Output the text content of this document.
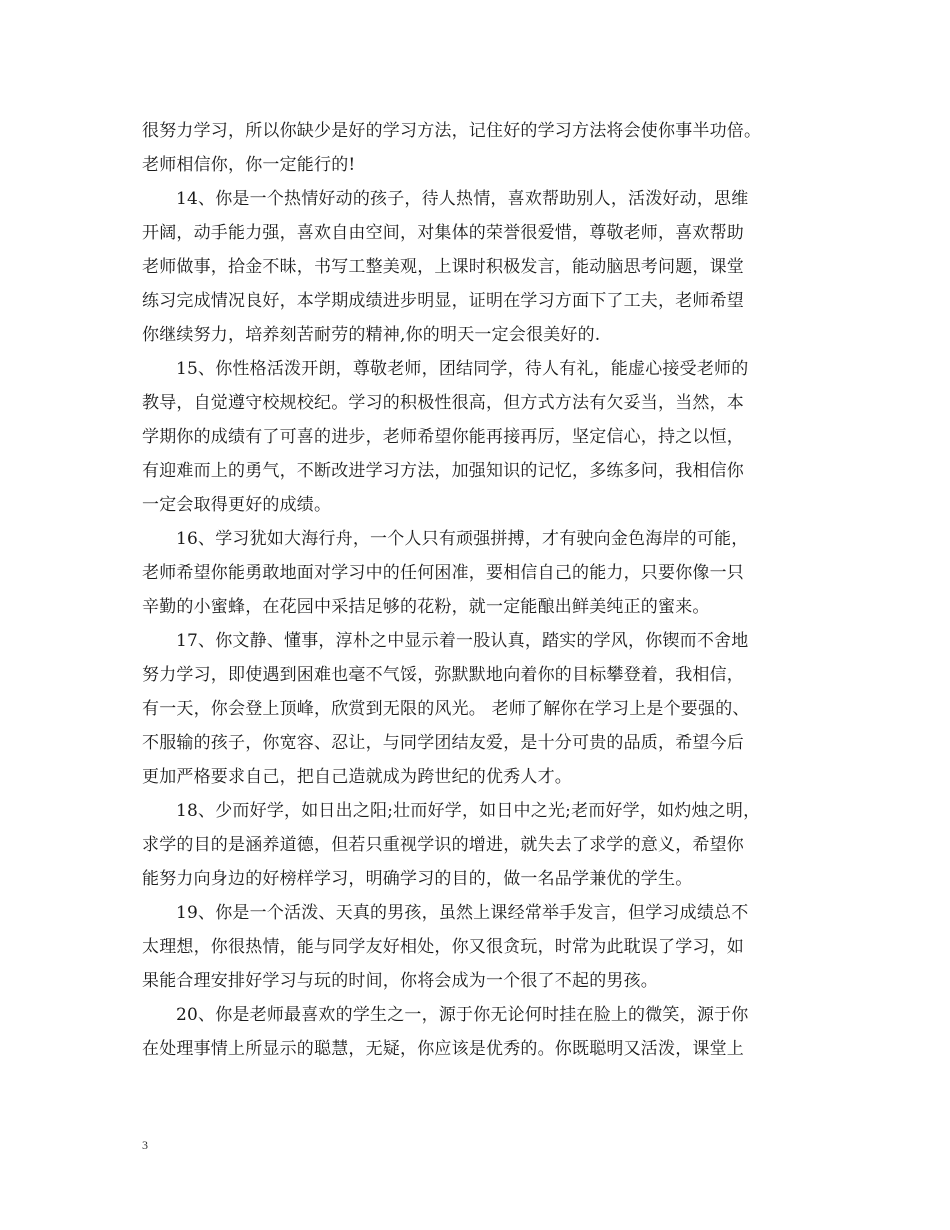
很努力学习，所以你缺少是好的学习方法，记住好的学习方法将会使你事半功倍。
老师相信你，你一定能行的!
14、你是一个热情好动的孩子，待人热情，喜欢帮助别人，活泼好动，思维
开阔，动手能力强，喜欢自由空间，对集体的荣誉很爱惜，尊敬老师，喜欢帮助
老师做事，拾金不昧，书写工整美观，上课时积极发言，能动脑思考问题，课堂
练习完成情况良好，本学期成绩进步明显，证明在学习方面下了工夫，老师希望
你继续努力，培养刻苦耐劳的精神,你的明天一定会很美好的.
15、你性格活泼开朗，尊敬老师，团结同学，待人有礼，能虚心接受老师的
教导，自觉遵守校规校纪。学习的积极性很高，但方式方法有欠妥当，当然，本
学期你的成绩有了可喜的进步，老师希望你能再接再厉，坚定信心，持之以恒，
有迎难而上的勇气，不断改进学习方法，加强知识的记忆，多练多问，我相信你
一定会取得更好的成绩。
16、学习犹如大海行舟，一个人只有顽强拼搏，才有驶向金色海岸的可能，
老师希望你能勇敢地面对学习中的任何困准，要相信自己的能力，只要你像一只
辛勤的小蜜蜂，在花园中采拮足够的花粉，就一定能酿出鲜美纯正的蜜来。
17、你文静、懂事，淳朴之中显示着一股认真，踏实的学风，你锲而不舍地
努力学习，即使遇到困难也毫不气馁，弥默默地向着你的目标攀登着，我相信，
有一天，你会登上顶峰，欣赏到无限的风光。 老师了解你在学习上是个要强的、
不服输的孩子，你宽容、忍让，与同学团结友爱，是十分可贵的品质，希望今后
更加严格要求自己，把自己造就成为跨世纪的优秀人才。
18、少而好学，如日出之阳;壮而好学，如日中之光;老而好学，如灼烛之明，
求学的目的是涵养道德，但若只重视学识的增进，就失去了求学的意义，希望你
能努力向身边的好榜样学习，明确学习的目的，做一名品学兼优的学生。
19、你是一个活泼、天真的男孩，虽然上课经常举手发言，但学习成绩总不
太理想，你很热情，能与同学友好相处，你又很贪玩，时常为此耽误了学习，如
果能合理安排好学习与玩的时间，你将会成为一个很了不起的男孩。
20、你是老师最喜欢的学生之一，源于你无论何时挂在脸上的微笑，源于你
在处理事情上所显示的聪慧，无疑，你应该是优秀的。你既聪明又活泼，课堂上
3
